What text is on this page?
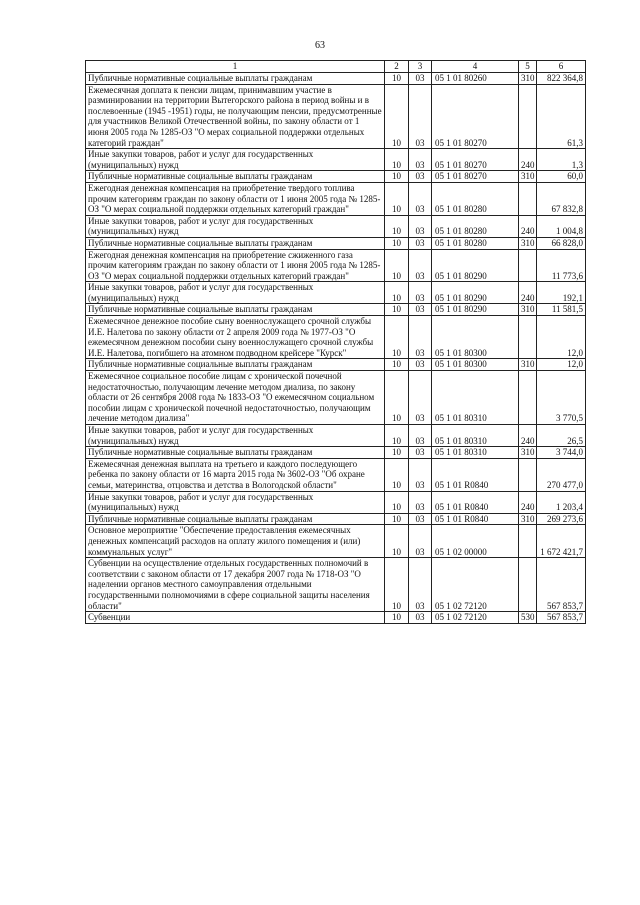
63
1	2	3	4	5	6
Публичные нормативные социальные выплаты гражданам	10	03	05 1 01 80260	310	822 364,8
Ежемесячная доплата к пенсии лицам, принимавшим участие в разминировании на территории Вытегорского района в период войны и в послевоенные (1945 -1951) годы, не получающим пенсии, предусмотренные для участников Великой Отечественной войны, по закону области от 1 июня 2005 года № 1285-ОЗ "О мерах социальной поддержки отдельных категорий граждан"	10	03	05 1 01 80270		61,3
Иные закупки товаров, работ и услуг для государственных (муниципальных) нужд	10	03	05 1 01 80270	240	1,3
Публичные нормативные социальные выплаты гражданам	10	03	05 1 01 80270	310	60,0
Ежегодная денежная компенсация на приобретение твердого топлива прочим категориям граждан по закону области от 1 июня 2005 года № 1285-ОЗ "О мерах социальной поддержки отдельных категорий граждан"	10	03	05 1 01 80280		67 832,8
Иные закупки товаров, работ и услуг для государственных (муниципальных) нужд	10	03	05 1 01 80280	240	1 004,8
Публичные нормативные социальные выплаты гражданам	10	03	05 1 01 80280	310	66 828,0
Ежегодная денежная компенсация на приобретение сжиженного газа прочим категориям граждан по закону области от 1 июня 2005 года № 1285-ОЗ "О мерах социальной поддержки отдельных категорий граждан"	10	03	05 1 01 80290		11 773,6
Иные закупки товаров, работ и услуг для государственных (муниципальных) нужд	10	03	05 1 01 80290	240	192,1
Публичные нормативные социальные выплаты гражданам	10	03	05 1 01 80290	310	11 581,5
Ежемесячное денежное пособие сыну военнослужащего срочной службы И.Е. Налетова по закону области от 2 апреля 2009 года № 1977-ОЗ "О ежемесячном денежном пособии сыну военнослужащего срочной службы И.Е. Налетова, погибшего на атомном подводном крейсере "Курск"	10	03	05 1 01 80300		12,0
Публичные нормативные социальные выплаты гражданам	10	03	05 1 01 80300	310	12,0
Ежемесячное социальное пособие лицам с хронической почечной недостаточностью, получающим лечение методом диализа, по закону области от 26 сентября 2008 года № 1833-ОЗ "О ежемесячном социальном пособии лицам с хронической почечной недостаточностью, получающим лечение методом диализа"	10	03	05 1 01 80310		3 770,5
Иные закупки товаров, работ и услуг для государственных (муниципальных) нужд	10	03	05 1 01 80310	240	26,5
Публичные нормативные социальные выплаты гражданам	10	03	05 1 01 80310	310	3 744,0
Ежемесячная денежная выплата на третьего и каждого последующего ребенка по закону области от 16 марта 2015 года № 3602-ОЗ "Об охране семьи, материнства, отцовства и детства в Вологодской области"	10	03	05 1 01 R0840		270 477,0
Иные закупки товаров, работ и услуг для государственных (муниципальных) нужд	10	03	05 1 01 R0840	240	1 203,4
Публичные нормативные социальные выплаты гражданам	10	03	05 1 01 R0840	310	269 273,6
Основное мероприятие "Обеспечение предоставления ежемесячных денежных компенсаций расходов на оплату жилого помещения и (или) коммунальных услуг"	10	03	05 1 02 00000		1 672 421,7
Субвенции на осуществление отдельных государственных полномочий в соответствии с законом области от 17 декабря 2007 года № 1718-ОЗ "О наделении органов местного самоуправления отдельными государственными полномочиями в сфере социальной защиты населения области"	10	03	05 1 02 72120		567 853,7
Субвенции	10	03	05 1 02 72120	530	567 853,7
